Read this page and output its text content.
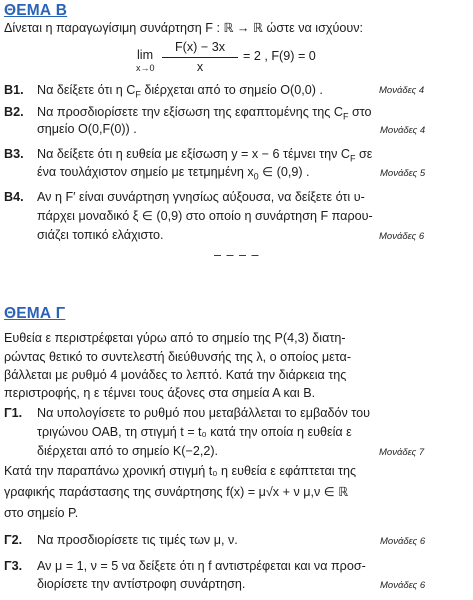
ΘΕΜΑ Β
Δίνεται η παραγωγίσιμη συνάρτηση F : ℝ → ℝ ώστε να ισχύουν:
lim
x→0
F(x) − 3x
x
= 2 , F(9) = 0
Β1. Να δείξετε ότι η $C_F$ διέρχεται από το σημείο O(0,0) .	Μονάδες 4
Β2. Να προσδιορίσετε την εξίσωση της εφαπτομένης της $C_F$ στο
σημείο O(0,F(0)) .	Μονάδες 4
Β3. Να δείξετε ότι η ευθεία με εξίσωση y = x − 6 τέμνει την $C_F$ σε
ένα τουλάχιστον σημείο με τετμημένη $x_0$ ∈ (0,9) .	Μονάδες 5
Β4. Αν η F′ είναι συνάρτηση γνησίως αύξουσα, να δείξετε ότι υ-
πάρχει μοναδικό ξ ∈ (0,9) στο οποίο η συνάρτηση F παρου-
σιάζει τοπικό ελάχιστο.	Μονάδες 6
– – – –
ΘΕΜΑ Γ
Ευθεία ε περιστρέφεται γύρω από το σημείο της P(4,3) διατη-
ρώντας θετικό το συντελεστή διεύθυνσής της λ, ο οποίος μετα-
βάλλεται με ρυθμό 4 μονάδες το λεπτό. Κατά την διάρκεια της
περιστροφής, η ε τέμνει τους άξονες στα σημεία Α και Β.
Γ1. Να υπολογίσετε το ρυθμό που μεταβάλλεται το εμβαδόν του
τριγώνου ΟΑΒ, τη στιγμή t = t₀ κατά την οποία η ευθεία ε
διέρχεται από το σημείο K(−2,2).	Μονάδες 7
Κατά την παραπάνω χρονική στιγμή t₀ η ευθεία ε εφάπτεται της
γραφικής παράστασης της συνάρτησης f(x) = μ√x + ν μ,ν ∈ ℝ
στο σημείο P.
Γ2. Να προσδιορίσετε τις τιμές των μ, ν.	Μονάδες 6
Γ3. Αν μ = 1, ν = 5 να δείξετε ότι η f αντιστρέφεται και να προσ-
διορίσετε την αντίστροφη συνάρτηση.	Μονάδες 6
